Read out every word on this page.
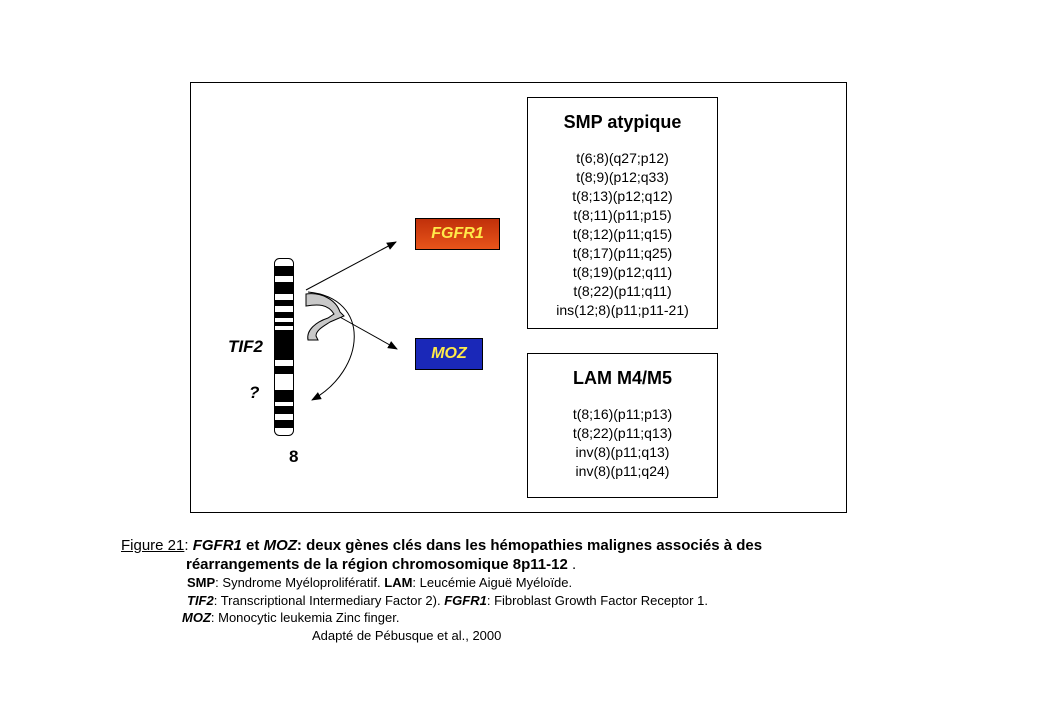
SMP atypique
t(6;8)(q27;p12)
t(8;9)(p12;q33)
t(8;13)(p12;q12)
t(8;11)(p11;p15)
t(8;12)(p11;q15)
t(8;17)(p11;q25)
t(8;19)(p12;q11)
t(8;22)(p11;q11)
ins(12;8)(p11;p11-21)
LAM M4/M5
t(8;16)(p11;p13)
t(8;22)(p11;q13)
inv(8)(p11;q13)
inv(8)(p11;q24)
FGFR1
MOZ
TIF2
?
8
Figure 21: FGFR1 et MOZ: deux gènes clés dans les hémopathies malignes associés à des
réarrangements de la région chromosomique 8p11-12 .
SMP: Syndrome Myéloprolifératif. LAM: Leucémie Aiguë Myéloïde.
TIF2: Transcriptional Intermediary Factor 2). FGFR1: Fibroblast Growth Factor Receptor 1.
MOZ: Monocytic leukemia Zinc finger.
Adapté de Pébusque et al., 2000
